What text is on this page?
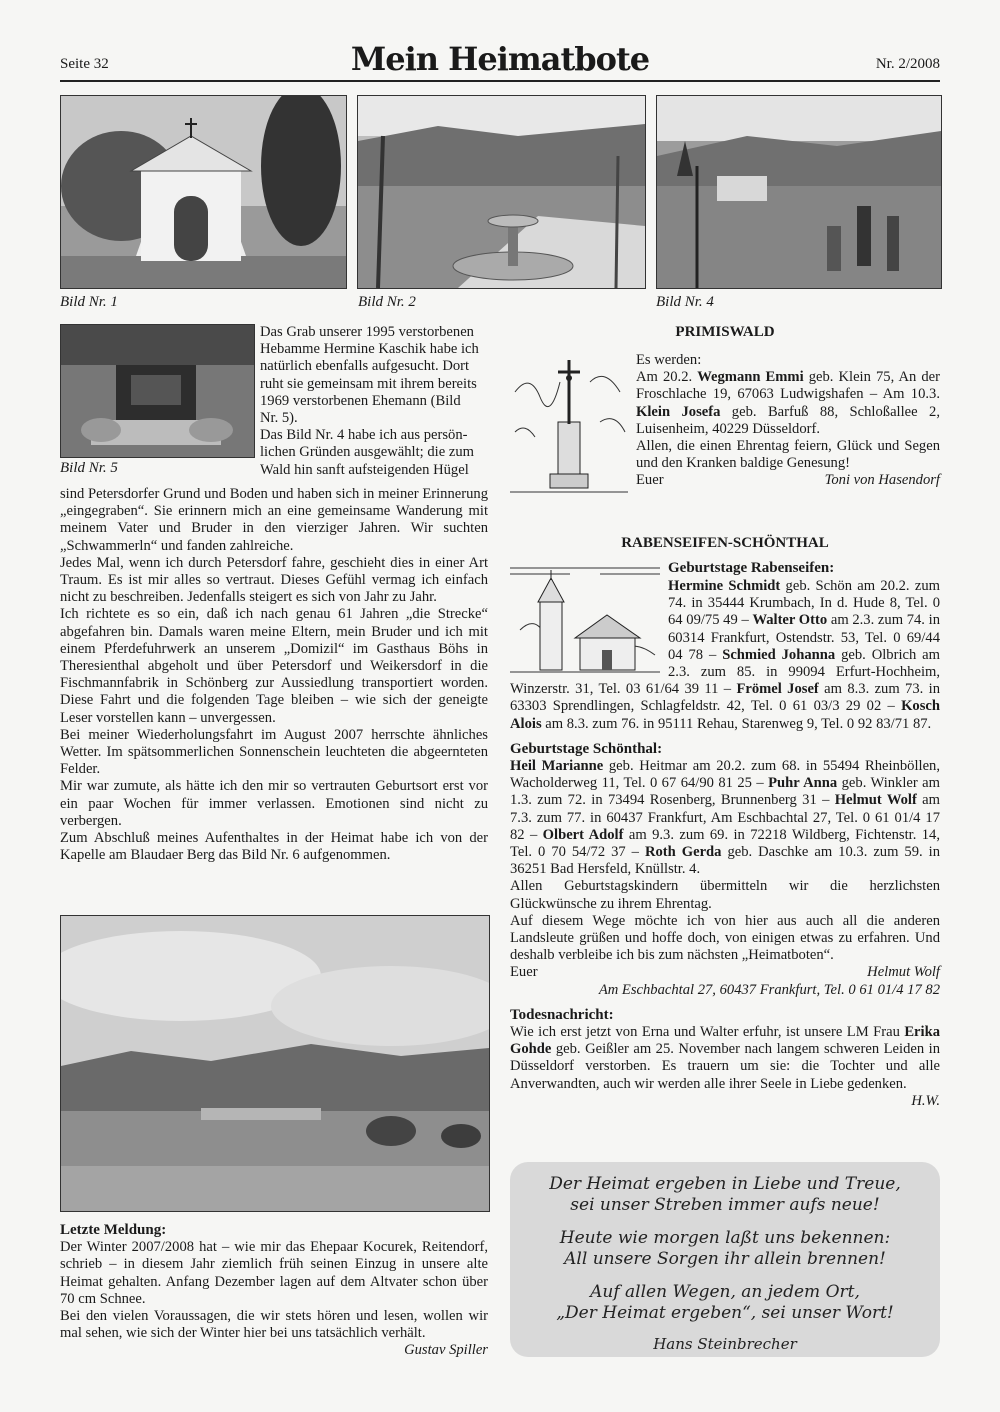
Seite 32	Mein Heimatbote	Nr. 2/2008
Bild Nr. 1	Bild Nr. 2	Bild Nr. 4
Bild Nr. 5
Das Grab unserer 1995 verstorbenen
Hebamme Hermine Kaschik habe ich
natürlich ebenfalls aufgesucht. Dort
ruht sie gemeinsam mit ihrem bereits
1969 verstorbenen Ehemann (Bild
Nr. 5).
Das Bild Nr. 4 habe ich aus persön-
lichen Gründen ausgewählt; die zum
Wald hin sanft aufsteigenden Hügel

sind Petersdorfer Grund und Boden und haben sich in meiner Erinnerung „eingegraben“. Sie erinnern mich an eine gemeinsame Wanderung mit meinem Vater und Bruder in den vierziger Jahren. Wir suchten „Schwammerln“ und fanden zahlreiche.

Jedes Mal, wenn ich durch Petersdorf fahre, geschieht dies in einer Art Traum. Es ist mir alles so vertraut. Dieses Gefühl vermag ich einfach nicht zu beschreiben. Jedenfalls steigert es sich von Jahr zu Jahr.

Ich richtete es so ein, daß ich nach genau 61 Jahren „die Strecke“ abgefahren bin. Damals waren meine Eltern, mein Bruder und ich mit einem Pferdefuhrwerk an unserem „Domizil“ im Gasthaus Böhs in Theresienthal abgeholt und über Petersdorf und Weikersdorf in die Fischmannfabrik in Schönberg zur Aussiedlung transportiert worden. Diese Fahrt und die folgenden Tage bleiben – wie sich der geneigte Leser vorstellen kann – unvergessen.

Bei meiner Wiederholungsfahrt im August 2007 herrschte ähnliches Wetter. Im spätsommerlichen Sonnenschein leuchteten die abgeernteten Felder.

Mir war zumute, als hätte ich den mir so vertrauten Geburtsort erst vor ein paar Wochen für immer verlassen. Emotionen sind nicht zu verbergen.

Zum Abschluß meines Aufenthaltes in der Heimat habe ich von der Kapelle am Blaudaer Berg das Bild Nr. 6 aufgenommen.

Letzte Meldung:

Der Winter 2007/2008 hat – wie mir das Ehepaar Kocurek, Reitendorf, schrieb – in diesem Jahr ziemlich früh seinen Einzug in unsere alte Heimat gehalten. Anfang Dezember lagen auf dem Altvater schon über 70 cm Schnee.

Bei den vielen Voraussagen, die wir stets hören und lesen, wollen wir mal sehen, wie sich der Winter hier bei uns tatsächlich verhält.

Gustav Spiller
PRIMISWALD
Es werden:

Am 20.2. Wegmann Emmi geb. Klein 75, An der Froschlache 19, 67063 Ludwigshafen – Am 10.3. Klein Josefa geb. Barfuß 88, Schloßallee 2, Luisenheim, 40229 Düsseldorf.

Allen, die einen Ehrentag feiern, Glück und Segen und den Kranken baldige Genesung!

Euer	Toni von Hasendorf
RABENSEIFEN-SCHÖNTHAL
Geburtstage Rabenseifen:

Hermine Schmidt geb. Schön am 20.2. zum 74. in 35444 Krumbach, In d. Hude 8, Tel. 0 64 09/75 49 – Walter Otto am 2.3. zum 74. in 60314 Frankfurt, Ostendstr. 53, Tel. 0 69/44 04 78 – Schmied Johanna geb. Olbrich am 2.3. zum 85. in 99094 Erfurt-Hochheim, Winzerstr. 31, Tel. 03 61/64 39 11 – Frömel Josef am 8.3. zum 73. in 63303 Sprendlingen, Schlagfeldstr. 42, Tel. 0 61 03/3 29 02 – Kosch Alois am 8.3. zum 76. in 95111 Rehau, Starenweg 9, Tel. 0 92 83/71 87.

Geburtstage Schönthal:

Heil Marianne geb. Heitmar am 20.2. zum 68. in 55494 Rheinböllen, Wacholderweg 11, Tel. 0 67 64/90 81 25 – Puhr Anna geb. Winkler am 1.3. zum 72. in 73494 Rosenberg, Brunnenberg 31 – Helmut Wolf am 7.3. zum 77. in 60437 Frankfurt, Am Eschbachtal 27, Tel. 0 61 01/4 17 82 – Olbert Adolf am 9.3. zum 69. in 72218 Wildberg, Fichtenstr. 14, Tel. 0 70 54/72 37 – Roth Gerda geb. Daschke am 10.3. zum 59. in 36251 Bad Hersfeld, Knüllstr. 4.

Allen Geburtstagskindern übermitteln wir die herzlichsten Glückwünsche zu ihrem Ehrentag.

Auf diesem Wege möchte ich von hier aus auch all die anderen Landsleute grüßen und hoffe doch, von einigen etwas zu erfahren. Und deshalb verbleibe ich bis zum nächsten „Heimatboten“.

Euer	Helmut Wolf
Am Eschbachtal 27, 60437 Frankfurt, Tel. 0 61 01/4 17 82
Todesnachricht:

Wie ich erst jetzt von Erna und Walter erfuhr, ist unsere LM Frau Erika Gohde geb. Geißler am 25. November nach langem schweren Leiden in Düsseldorf verstorben. Es trauern um sie: die Tochter und alle Anverwandten, auch wir werden alle ihrer Seele in Liebe gedenken.

H.W.
Der Heimat ergeben in Liebe und Treue,
sei unser Streben immer aufs neue!
Heute wie morgen laßt uns bekennen:
All unsere Sorgen ihr allein brennen!
Auf allen Wegen, an jedem Ort,
„Der Heimat ergeben“, sei unser Wort!
Hans Steinbrecher
